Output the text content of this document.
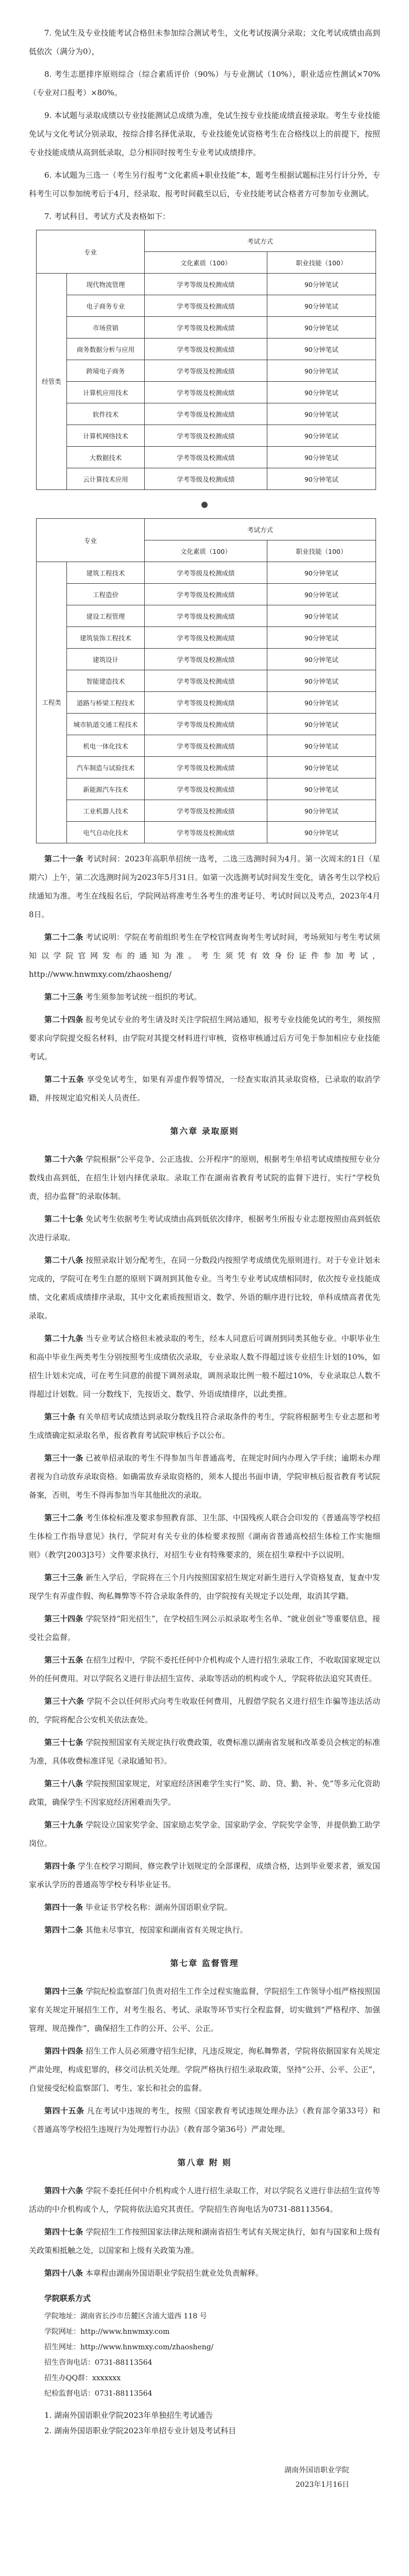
7. 免试生及专业技能考试合格但未参加综合测试考生，文化考试按满分录取；文化考试成绩由高到低依次（满分为0），

8. 考生志愿排序原则综合（综合素质评价（90%）与专业测试（10%），职业适应性测试×70%（专业对口报考）×80%。

9. 本试题与录取成绩以专业技能测试总成绩为准，免试生按专业技能成绩直接录取。考生专业技能免试与文化考试分别录取，按综合排名择优录取，专业技能免试资格考生在合格线以上的前提下，按照专业技能成绩从高到低录取，总分相同时按考生专业考试成绩排序。

6. 本试题为三选一（考生另行报考“文化素质+职业技能”本，题考生根据试题标注另行计分外，专科考生可以参加统考后于4月，经录取、报考时间截至以后，专业技能考试合格者方可参加专业测试。

7. 考试科目、考试方式及表格如下：

专业		考试方式	
		文化素质（100）	职业技能（100）
经管类	现代物流管理	学考等级及校测成绩	90分钟笔试
	电子商务专业	学考等级及校测成绩	90分钟笔试
	市场营销	学考等级及校测成绩	90分钟笔试
	商务数据分析与应用	学考等级及校测成绩	90分钟笔试
	跨境电子商务	学考等级及校测成绩	90分钟笔试
	计算机应用技术	学考等级及校测成绩	90分钟笔试
	软件技术	学考等级及校测成绩	90分钟笔试
	计算机网络技术	学考等级及校测成绩	90分钟笔试
	大数据技术	学考等级及校测成绩	90分钟笔试
	云计算技术应用	学考等级及校测成绩	90分钟笔试
●
专业		考试方式	
		文化素质（100）	职业技能（100）
工程类	建筑工程技术	学考等级及校测成绩	90分钟笔试
	工程造价	学考等级及校测成绩	90分钟笔试
	建设工程管理	学考等级及校测成绩	90分钟笔试
	建筑装饰工程技术	学考等级及校测成绩	90分钟笔试
	建筑设计	学考等级及校测成绩	90分钟笔试
	智能建造技术	学考等级及校测成绩	90分钟笔试
	道路与桥梁工程技术	学考等级及校测成绩	90分钟笔试
	城市轨道交通工程技术	学考等级及校测成绩	90分钟笔试
	机电一体化技术	学考等级及校测成绩	90分钟笔试
	汽车制造与试验技术	学考等级及校测成绩	90分钟笔试
	新能源汽车技术	学考等级及校测成绩	90分钟笔试
	工业机器人技术	学考等级及校测成绩	90分钟笔试
	电气自动化技术	学考等级及校测成绩	90分钟笔试

第二十一条 考试时间：2023年高职单招统一选考，二选三选测时间为4月。第一次周末的1日（星期六）上午，第二次选测时间为2023年5月31日。如第一次选测考试时间发生变化，请各考生以学校后续通知为准。考生在线报名后，学院网站将准考生各考生的准考证号、考试时间以及考点，2023年4月8日。

第二十二条 考试说明：学院在考前组织考生在学校官网查询考生考试时间，考场须知与考生考试须知以学院官网发布的通知为准。考生须凭有效身份证件参加考试，http://www.hnwmxy.com/zhaosheng/

第二十三条 考生须参加考试统一组织的考试。

第二十四条 报考免试专业的考生请及时关注学院招生网站通知，报考专业技能免试的考生，须按照要求向学院提交报名材料，由学院对其提交材料进行审核，资格审核通过后方可免于参加相应专业技能考试。

第二十五条 享受免试考生，如果有弄虚作假等情况，一经查实取消其录取资格，已录取的取消学籍，并按规定追究相关人员责任。

第六章 录取原则

第二十六条 学院根据“公平竞争、公正选拔、公开程序”的原则，根据考生单招考试成绩按照专业分数线由高到低，在招生计划内择优录取。录取工作在湖南省教育考试院的监督下进行，实行“学校负责，招办监督”的录取体制。

第二十七条 免试考生依据考生考试成绩由高到低依次排序，根据考生所报专业志愿按照由高到低依次进行录取。

第二十八条 按照录取计划分配考生，在同一分数段内按照学考成绩优先原则进行。对于专业计划未完成的，学院可在考生自愿的原则下调剂到其他专业。当考生专业考试成绩相同时，依次按专业技能成绩、文化素质成绩排序录取，其中文化素质按照语文、数学、外语的顺序进行比较，单科成绩高者优先录取。

第二十九条 当专业考试合格但未被录取的考生，经本人同意后可调剂到同类其他专业。中职毕业生和高中毕业生两类考生分别按照考生成绩依次录取，专业录取人数不得超过该专业招生计划的10%，如招生计划未完成，可在考生同意的前提下调剂录取，调剂录取比例一般不超过10%，专业录取总人数不得超过计划数。同一分数线下，先按语文、数学、外语成绩排序，以此类推。

第三十条 有关单招考试成绩达到录取分数线且符合录取条件的考生，学院将根据考生专业志愿和考生成绩确定拟录取名单，报省教育考试院审核后予以公布。

第三十一条 已被单招录取的考生不得参加当年普通高考，在规定时间内办理入学手续；逾期未办理者视为自动放弃录取资格。如确需放弃录取资格的，须本人提出书面申请，学院审核后报省教育考试院备案，否则，考生不得再参加当年其他批次的录取。

第三十二条 考生体检标准及要求参照教育部、卫生部、中国残疾人联合会印发的《普通高等学校招生体检工作指导意见》执行，学院对有关专业的体检要求按照《湖南省普通高校招生体检工作实施细则》（教学[2003]3号）文件要求执行，对招生专业有特殊要求的，须在招生章程中予以说明。

第三十三条 新生入学后，学院将在三个月内按照国家招生规定对新生进行入学资格复查，复查中发现学生有弄虚作假、徇私舞弊等不符合录取条件的，由学院按有关规定予以处理，取消其学籍。

第三十四条 学院坚持“阳光招生”，在学校招生网公示拟录取考生名单、“就业创业”等重要信息，接受社会监督。

第三十五条 在招生过程中，学院不委托任何中介机构或个人进行招生录取工作，不收取国家规定以外的任何费用。对以学院名义进行非法招生宣传、录取等活动的机构或个人，学院将依法追究其责任。

第三十六条 学院不会以任何形式向考生收取任何费用，凡假借学院名义进行招生诈骗等违法活动的，学院将配合公安机关依法查处。

第三十七条 学院按照国家有关规定执行收费政策，收费标准以湖南省发展和改革委员会核定的标准为准，具体收费标准详见《录取通知书》。

第三十八条 学院按照国家规定，对家庭经济困难学生实行“奖、助、贷、勤、补、免”等多元化资助政策，确保学生不因家庭经济困难而失学。

第三十九条 学院设立国家奖学金、国家励志奖学金、国家助学金、学院奖学金等，并提供勤工助学岗位。

第四十条 学生在校学习期间，修完教学计划规定的全部课程，成绩合格，达到毕业要求者，颁发国家承认学历的普通高等学校专科毕业证书。

第四十一条 毕业证书学校名称：湖南外国语职业学院。

第四十二条 其他未尽事宜，按国家和湖南省有关规定执行。

第七章 监督管理

第四十三条 学院纪检监察部门负责对招生工作全过程实施监督，学院招生工作领导小组严格按照国家有关规定开展招生工作，对考生报名、考试、录取等环节实行全程监督，切实做到“严格程序、加强管理、规范操作”，确保招生工作的公开、公平、公正。

第四十四条 招生工作人员必须遵守招生纪律，凡违反规定，徇私舞弊者，学院将依据国家有关规定严肃处理，构成犯罪的，移交司法机关处理。学院严格执行招生录取政策，坚持“公开、公平、公正”，自觉接受纪检监察部门、考生、家长和社会的监督。

第四十五条 凡在考试中违规的考生，按照《国家教育考试违规处理办法》（教育部令第33号）和《普通高等学校招生违规行为处理暂行办法》（教育部令第36号）严肃处理。

第八章 附 则

第四十六条 学院不委托任何中介机构或个人进行招生录取工作，对以学院名义进行非法招生宣传等活动的中介机构或个人，学院将依法追究其责任。学院招生咨询电话为0731-88113564。

第四十七条 学院招生工作按照国家法律法规和湖南省招生考试有关规定执行，如有与国家和上级有关政策相抵触之处，以国家和上级有关政策为准。

第四十八条 本章程由湖南外国语职业学院招生就业处负责解释。

学院联系方式
学院地址：湖南省长沙市岳麓区含浦大道西 118 号
学院网址：http://www.hnwmxy.com
招生网址：http://www.hnwmxy.com/zhaosheng/
招生咨询电话：0731-88113564
招生办QQ群：xxxxxxx
纪检监督电话：0731-88113564

1. 湖南外国语职业学院2023年单独招生考试通告

2. 湖南外国语职业学院2023年单招专业计划及考试科目

湖南外国语职业学院
2023年1月16日
